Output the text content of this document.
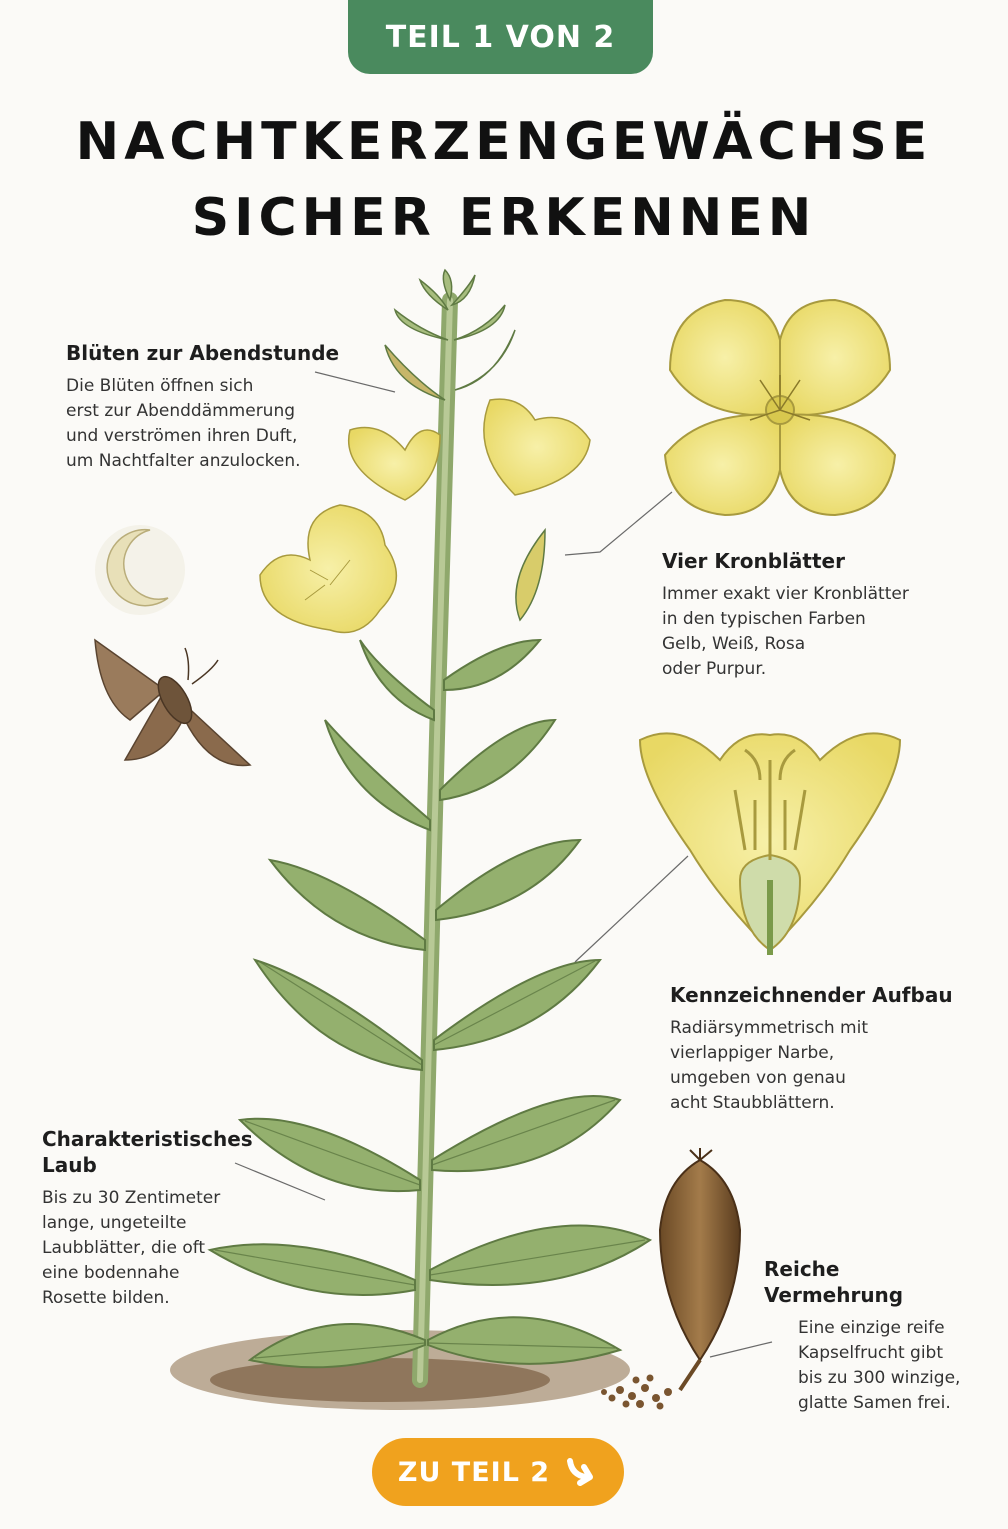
TEIL 1 VON 2
NACHTKERZENGEWÄCHSE
SICHER ERKENNEN
Blüten zur Abendstunde

Die Blüten öffnen sich
erst zur Abenddämmerung
und verströmen ihren Duft,
um Nachtfalter anzulocken.

Vier Kronblätter

Immer exakt vier Kronblätter
in den typischen Farben
Gelb, Weiß, Rosa
oder Purpur.

Kennzeichnender Aufbau

Radiärsymmetrisch mit
vierlappiger Narbe,
umgeben von genau
acht Staubblättern.

Charakteristisches
Laub

Bis zu 30 Zentimeter
lange, ungeteilte
Laubblätter, die oft
eine bodennahe
Rosette bilden.

Reiche Vermehrung

Eine einzige reife
Kapselfrucht gibt
bis zu 300 winzige,
glatte Samen frei.

ZU TEIL 2
